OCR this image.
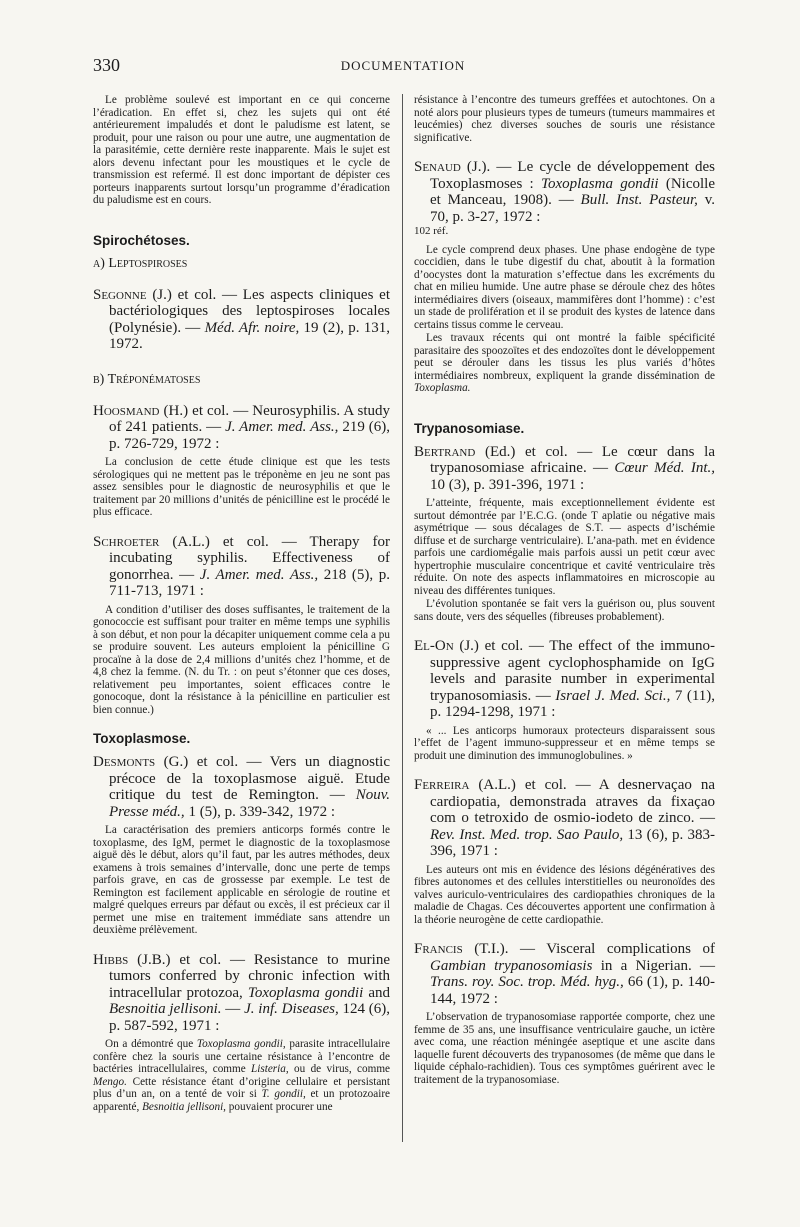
330	DOCUMENTATION

Le problème soulevé est important en ce qui concerne l’éradication. En effet si, chez les sujets qui ont été antérieurement impaludés et dont le paludisme est latent, se produit, pour une raison ou pour une autre, une augmentation de la parasitémie, cette dernière reste inapparente. Mais le sujet est alors devenu infectant pour les moustiques et le cycle de transmission est refermé. Il est donc important de dépister ces porteurs inapparents surtout lorsqu’un programme d’éradication du paludisme est en cours.

Spirochétoses.

a) Leptospiroses

Segonne (J.) et col. — Les aspects cliniques et bactériologiques des leptospiroses locales (Polynésie). — Méd. Afr. noire, 19 (2), p. 131, 1972.

b) Tréponématoses

Hoosmand (H.) et col. — Neurosyphilis. A study of 241 patients. — J. Amer. med. Ass., 219 (6), p. 726-729, 1972 :

La conclusion de cette étude clinique est que les tests sérologiques qui ne mettent pas le tréponème en jeu ne sont pas assez sensibles pour le diagnostic de neurosyphilis et que le traitement par 20 millions d’unités de pénicilline est le procédé le plus efficace.

Schroeter (A.L.) et col. — Therapy for incubating syphilis. Effectiveness of gonorrhea. — J. Amer. med. Ass., 218 (5), p. 711-713, 1971 :

A condition d’utiliser des doses suffisantes, le traitement de la gonococcie est suffisant pour traiter en même temps une syphilis à son début, et non pour la décapiter uniquement comme cela a pu se produire souvent. Les auteurs emploient la pénicilline G procaïne à la dose de 2,4 millions d’unités chez l’homme, et de 4,8 chez la femme. (N. du Tr. : on peut s’étonner que ces doses, relativement peu importantes, soient efficaces contre le gonocoque, dont la résistance à la pénicilline en particulier est bien connue.)

Toxoplasmose.

Desmonts (G.) et col. — Vers un diagnostic précoce de la toxoplasmose aiguë. Etude critique du test de Remington. — Nouv. Presse méd., 1 (5), p. 339-342, 1972 :

La caractérisation des premiers anticorps formés contre le toxoplasme, des IgM, permet le diagnostic de la toxoplasmose aiguë dès le début, alors qu’il faut, par les autres méthodes, deux examens à trois semaines d’intervalle, donc une perte de temps parfois grave, en cas de grossesse par exemple. Le test de Remington est facilement applicable en sérologie de routine et malgré quelques erreurs par défaut ou excès, il est précieux car il permet une mise en traitement immédiate sans attendre un deuxième prélèvement.

Hibbs (J.B.) et col. — Resistance to murine tumors conferred by chronic infection with intracellular protozoa, Toxoplasma gondii and Besnoitia jellisoni. — J. inf. Diseases, 124 (6), p. 587-592, 1971 :

On a démontré que Toxoplasma gondii, parasite intracellulaire confère chez la souris une certaine résistance à l’encontre de bactéries intracellulaires, comme Listeria, ou de virus, comme Mengo. Cette résistance étant d’origine cellulaire et persistant plus d’un an, on a tenté de voir si T. gondii, et un protozoaire apparenté, Besnoitia jellisoni, pouvaient procurer une

résistance à l’encontre des tumeurs greffées et autochtones. On a noté alors pour plusieurs types de tumeurs (tumeurs mammaires et leucémies) chez diverses souches de souris une résistance significative.

Senaud (J.). — Le cycle de développement des Toxoplasmoses : Toxoplasma gondii (Nicolle et Manceau, 1908). — Bull. Inst. Pasteur, v. 70, p. 3-27, 1972 :
102 réf.

Le cycle comprend deux phases. Une phase endogène de type coccidien, dans le tube digestif du chat, aboutit à la formation d’oocystes dont la maturation s’effectue dans les excréments du chat en milieu humide. Une autre phase se déroule chez des hôtes intermédiaires divers (oiseaux, mammifères dont l’homme) : c’est un stade de prolifération et il se produit des kystes de latence dans certains tissus comme le cerveau.

Les travaux récents qui ont montré la faible spécificité parasitaire des spoozoïtes et des endozoïtes dont le développement peut se dérouler dans les tissus les plus variés d’hôtes intermédiaires nombreux, expliquent la grande dissémination de Toxoplasma.

Trypanosomiase.

Bertrand (Ed.) et col. — Le cœur dans la trypanosomiase africaine. — Cœur Méd. Int., 10 (3), p. 391-396, 1971 :

L’atteinte, fréquente, mais exceptionnellement évidente est surtout démontrée par l’E.C.G. (onde T aplatie ou négative mais asymétrique — sous décalages de S.T. — aspects d’ischémie diffuse et de surcharge ventriculaire). L’ana-path. met en évidence parfois une cardiomégalie mais parfois aussi un petit cœur avec hypertrophie musculaire concentrique et cavité ventriculaire très réduite. On note des aspects inflammatoires en microscopie au niveau des différentes tuniques.

L’évolution spontanée se fait vers la guérison ou, plus souvent sans doute, vers des séquelles (fibreuses probablement).

El-On (J.) et col. — The effect of the immuno-suppressive agent cyclophosphamide on IgG levels and parasite number in experimental trypanosomiasis. — Israel J. Med. Sci., 7 (11), p. 1294-1298, 1971 :

« ... Les anticorps humoraux protecteurs disparaissent sous l’effet de l’agent immuno-suppresseur et en même temps se produit une diminution des immunoglobulines. »

Ferreira (A.L.) et col. — A desnervaçao na cardiopatia, demonstrada atraves da fixaçao com o tetroxido de osmio-iodeto de zinco. — Rev. Inst. Med. trop. Sao Paulo, 13 (6), p. 383-396, 1971 :

Les auteurs ont mis en évidence des lésions dégénératives des fibres autonomes et des cellules interstitielles ou neuronoïdes des valves auriculo-ventriculaires des cardiopathies chroniques de la maladie de Chagas. Ces découvertes apportent une confirmation à la théorie neurogène de cette cardiopathie.

Francis (T.I.). — Visceral complications of Gambian trypanosomiasis in a Nigerian. — Trans. roy. Soc. trop. Méd. hyg., 66 (1), p. 140-144, 1972 :

L’observation de trypanosomiase rapportée comporte, chez une femme de 35 ans, une insuffisance ventriculaire gauche, un ictère avec coma, une réaction méningée aseptique et une ascite dans laquelle furent découverts des trypanosomes (de même que dans le liquide céphalo-rachidien). Tous ces symptômes guérirent avec le traitement de la trypanosomiase.
